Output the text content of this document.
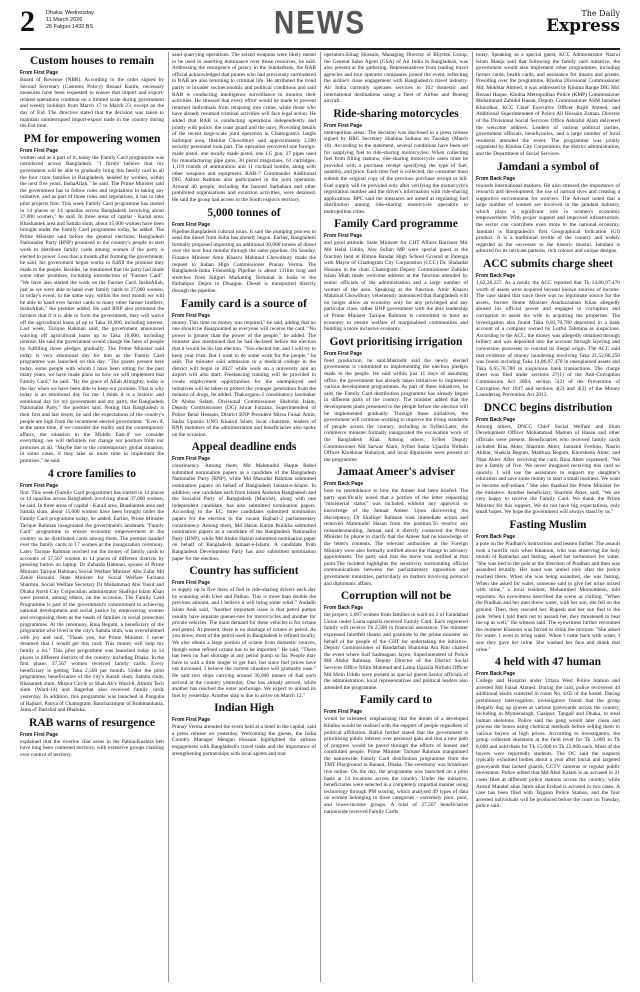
2 Dhaka, Wednesday
11 March 2026
26 Falgun 1432 BS	NEWS	The Daily
Express
Custom houses to remain
From First Page
Board of Revenue (NBR). According to the order signed by Second Secretary (Customs Policy) Rezaul Karim, necessary measures have been requested to ensure that import and export-related operations continue on a limited scale during government and weekly holidays from March 17 to March 23, except on the day of Eid. The directive stated that the decision was taken to maintain uninterrupted import-export trade in the country during the Eid time.
PM for empowering women
From First Page
women and as a part of it, today the Family Card programme was introduced across Bangladesh. "I firmly believe that my government will be able to gradually bring this family card to all the four crore families in Bangladesh, headed by women, within the next five years, InshaAllah," he said. The Prime Minister said the government has to follow rules and regulations in taking any initiative, and as part of those rules and regulations, it has to take pilot projects first. This week Family Card programme has started in 14 places or 14 upazilas across Bangladesh involving about 37,000 women," he said. In three areas of capital - Karail area, Bhashantek area and Sattala slum, about 15,000 women have been brought under the Family Card programme today, he added. The Prime Minister said before the general elections, Bangladesh Nationalist Party (BNP) promised to the country's people to start work to distribute family cards among women if the party is elected to power. Less than a month after forming the government, he said, his government began works to fulfill the promise they made to the people. Besides, he mentioned that his party had made some other promises, including introduction of "Farmer Card". "We have also started the work on the Farmer Card. InshaAllah, just as we were able to hand over family cards to 37,000 women, in today's event, in the same way, within the next month we will be able to hand over farmer cards to many other farmer brothers, InshaAllah," the premier added. He said BNP also promised the farmers that if it is able to form the government, they will waive off the agricultural loans of up to Taka 10,000, including interest. Last week, Tarique Rahman said, the government announced waiving off agricultural loans up to Taka 10,000, including interest. He said the government would change the fates of people by fulfilling those pledges gradually. The Prime Minister said today is very emotional day for him as the Family Card programme was launched on this day. "The guests present here today, some people with whom I have been sitting for the past many years, we have made plans on how we will implement that Family Card," he said. "By the grace of Allah Almighty, today is the day when we have been able to keep our promise. That is why today is an emotional day for me. I think it is a historic and emotional day for my government and my party, the Bangladesh Nationalist Party," the premier said. Noting that Bangladesh is their first and last resort, he said the expectations of the country's people are high from the incumbent elected government. "Even if, at the same time, if we consider the reality and the contemporary affairs, the situation in the Middle East-if we consider everything...we will definitely not change our position from our promises at all. "Maybe due to the contemporary global situation, in some cases, it may take us more time to implement the promises," he said.
4 crore families to
From First Page
first. This week (Family Card programme) has started in 14 places or 14 upazilas across Bangladesh involving about 37,000 women, he said. In three areas of capital - Karail area, Bhashantek area and Sattala slum, about 15,000 women have been brought under the Family Card programme today, he added. Earlier, Prime Minister Tarique Rahman inaugurated the government's landmark "Family Card" programme to ensure economic empowerment in the country as he distributed cards among them. The premier handed over the family cards to 17 women at the inauguration ceremony. Later, Tarique Rahman reached out the money of family cards to accounts of 37,567 women in 14 places of different districts by pressing button on laptop. Dr Zubaida Rahman, spouse of Prime Minister Tarique Rahman; Social Welfare Minister Abu Zafar Md Zahid Hossain, State Minister for Social Welfare Farzana Sharmin, Social Welfare Secretary Dr Mohammad Abu Yusuf and Dhaka North City Corporation administrator Shafiqul Islam Khan were present, among others, on the occasion. The Family Card Programme is part of the government's commitment to achieving national development and social justice by empowering women and recognising them as the heads of families in social protection programmes. At the ceremony, Rina Begum, a beneficiary of the programme who lived in the city's Sattala slum, was overwhelmed with joy and said, "Thank you, the Prime Minister. I never dreamed that I would get this card. This money will help my family a lot." This pilot programme was launched today in 14 places in different districts of the country, including Dhaka. In the first phase, 37,567 women received family cards. Every beneficiary is getting Taka 2,500 per month. Under the pilot programme, beneficiaries of the city's Karail slum, Sattala slum, Bhasantek slum, Mirpur Circle or Shah Ali's Ward-8, Almmi Tech slum (Ward-14) and Bagerhat also received family cards yesterday. In addition, this programme was launched in Panguha of Rajbari, Patiya of Chattogram, Bancharampur of Brahmanbaria, Jama of Barishal and Bhaluka.
RAB warns of resurgence
From First Page
explained that the riverine char areas in the Pabna-Kushtia belt have long been contested territory, with extensive groups clashing over control of territory.
sand quarrying operations. The seized weapons were likely meant to be used in asserting dominance over those resources, he said. Addressing the resurgence of piracy in the Sundarbans, the RAB official acknowledged that pirates who had previously surrendered to RAB are also returning to criminal life. He attributed the trend partly to broader socioeconomic and political conditions and said RAB is conducting intelligence surveillance to monitor their activities. He stressed that every effort would be made to prevent returned individuals from relapsing into crime, while those who have already resumed criminal activities will face legal action. He added that RAB is conducting operations independently and jointly with police, the coast guard and the navy. Providing details of the recent large-scale joint operation in Chattogram's Jangle Salimpur area, Iftekhar Chowdhury said approximately 3,500 security personnel took part. The operation recovered one foreign-made pistol, one locally made pistol, one LG gun, 27 pipes used for manufacturing pipe guns, 30 pistol magazines, 61 cartridges, 1,119 rounds of ammunition and 11 cocktail bombs, along with other weapons and equipment. RAB-7 Commander Additional DIG Akhtar Rahman also participated in the joint operation. Around 40 people, including the banned Sarbahara and other prohibited organisations and extortion activities, were detained. He said the group had access to the South region's territory.
5,000 tonnes of
From First Page
Pipeline.Bangladesh cultural tours. It said the pumping process to send the diesel from India has already begun. Earlier, Bangladesh formally proposed importing an additional 30,000 tonnes of diesel over the next four months through the same pipeline. On Sunday, Finance Minister Amir Khasru Mahmud Chowdhury made the request to Indian High Commissioner Pranay Verma. The Bangladesh-India Friendship Pipeline is about 131km long and stretches from Siliguri Marketing Terminal in India to the Parbatipur Depot in Dinajpur. Diesel is transported directly through the pipeline.
Family card is a source of
From First Page
money. This time no money was required," he said, adding that no one should be disappointed as everyone will receive the card. "No power is greater than the power of the people," he added. The minister also mentioned that he had declared before the election that it would be his last election. "You elected me, and I will try to keep your trust. But I want to do some work for the people," he said. The minister said admission to a medical college in the district will begin in 2027 while work on a university and an airport will also start. Freelancing training will be provided to create employment opportunities for the unemployed and initiatives will be taken to protect the younger generation from the menace of drugs, he added. Thakurgaon-2 constituency lawmaker Dr Abdus Salam, Divisional Commissioner Shahidul Islam, Deputy Commissioner (DC) Ishrat Farzana, Superintendent of Police Belal Hossain, District BNP President Mirza Faisal Amin, Sadar Upazila UNO Khairul Islam, local chairmen, leaders of BNP, members of the administration and beneficiaries also spoke on the occasion.
Appeal deadline ends
From First Page
constituency. Among them, Md Mahmudul Haque Rubel submitted nomination papers as a candidate of the Bangladesh Nationalist Party (BNP), while Md Masudur Rahman submitted nomination papers on behalf of Bangladesh Jamaat-e-Islami. In addition, one candidate each from Islami Andolon Bangladesh and the Socialist Party of Bangladesh (Marxist), along with one independent candidate, has also submitted nomination papers. According to the EC, three candidates submitted nomination papers for the election to the vacant Rajbari-2 parliamentary constituency. Among them, Md Harun Karim Rulikha submitted nomination papers as a candidate of the Bangladesh Nationalist Party (BNP), while Md Abdur Hakim submitted nomination paper on behalf of Bangladesh Jamaat-e-Islami. A candidate from Bangladesh Development Party has also submitted nomination paper for the election.
Country has sufficient
From First Page
to supply up to five litres of fuel to ride-sharing drivers each day by scanning with Uber and Pathao. This is more than double the previous amount, and I believe it will bring some relief." Andalib Islam Anik said, "Another important issue is that petrol pumps usually have separate queues-one for motorcycles and another for private vehicles. The main demand for these vehicles is for octane and petrol. At present, there is no shortage of octane or petrol. As you know, most of the petrol used in Bangladesh is refined locally. We also obtain a large portion of octane from domestic sources, though some refined octane has to be imported." He said, "There has been no fuel shortage at any petrol pump so far. People may have to wait a little longer to get fuel, but since fuel prices have not increased, I believe the current situation will gradually ease." He said two ships carrying around 30,000 tonnes of fuel each arrived at the country yesterday. One has already arrived, while another has reached the outer anchorage. We expect to unload its fuel by yesterday. Another ship is due to arrive on March 12."
Indian High
From First Page
Pranay Verma attended the event held at a hotel in the capital, said a press release on yesterday. Welcoming the guests, the India Country Manager Mengan Hussain highlighted the airlines engagement with Bangladesh's travel trade and the importance of strengthening partnerships with local agents and tour
operators.Sohag Hossain, Managing Director of Rhythm Group, the General Sales Agent (GSA) of Air India in Bangladesh, was also present at the gathering. Representatives from leading travel agencies and tour operator companies joined the event, reflecting the airline's close engagement with Bangladesh's travel industry. Air India currently operates services to 102 domestic and international destinations using a fleet of Airbus and Boeing aircraft.
Ride-sharing motorcycles
From First Page
metropolitan areas. The decision was disclosed in a press release signed by BRC Secretary Shahina Sultana on Tuesday (March 10). According to the statement, several conditions have been set for supplying fuel to ride-sharing motorcycles: When collecting fuel from filling stations, ride-sharing motorcycle users must be provided with a purchase receipt specifying the type of fuel, quantity, and price. Each time fuel is collected, the consumer must submit the original copy of the previous purchase receipt or bill. Fuel supply will be provided only after verifying the motorcycle's registration number and the driver's information with ride-sharing applications. BPC said the measures are aimed at regulating fuel distribution among ride-sharing motorcycle operators in metropolitan cities.
Family Card programme
From First Page
and good attitude. State Minister for CHT Affairs Barrister Mir Md Helal Uddin, Abu Sufian MP were special guest at the function held at Bimon Bandar High School Ground at Patenga with Mayor of Chattogram City Corporation (CCC) Dr. Shahadat Hossain in the chair. Chattogram Deputy Commissioner Zahidul Islam Miah made welcome address at the function attended by senior officials of the administration and a large number of women of the area. Speaking at the function, Amir Khasru Mahmud Chowdhury vehemently announced that Bangladesh will no longer allow an economy only for any privileged and any particular class, rather BNP government with the able leadership of Prime Minister Tarique Rahman is committed to have an economy to ensure welfare of marginalised communities and building a more inclusive economy.
Govt prioritising irrigation
From First Page
food production, he said.Muktadir said the newly elected government is committed to implementing the election pledges made to the people. He said within just 11 days of assuming office, the government has already taken initiatives to implement various development programmes. As part of these initiatives, he said, the Family Card distribution programme has already begun in different parts of the country. The minister added that the development plans presented to the people before the election will be implemented gradually. Through these initiatives, the government will continue working to improve the living standards of people across the country, including in Sylhet.Later, the commerce minister formally inaugurated the excavation work of the Bangladesh Khal. Among others, Sylhet Deputy Commissioner Md Sarwar Alam, Sylhet Sadar Upazila Nirbahi Officer Khodonar Rubaiyat, and local dignitaries were present at the programme.
Jamaat Ameer's adviser
From Back Page
bore no resemblance to how the Ameer had been briefed. The party specifically noted that a portion of the letter requesting "ministerial status" was included without any approval or knowledge of the Jamaat Ameer. Upon discovering the discrepancy, Dr Shafiqur Rahman took immediate action and removed Mahmudul Hasan from the position.To resolve any misunderstanding, Jamaat said it directly contacted the Prime Minister by phone to clarify that the Ameer had no knowledge of the letter's contents. The relevant authorities at the Foreign Ministry were also formally notified about the change in advisory appointment. The party said that the move was notified at that point.The incident highlights the sensitivity surrounding official communications between the parliamentary opposition and government ministries, particularly on matters involving protocol and diplomatic affairs.
Corruption will not be
From Back Page
the project, 1,097 women from families in ward no 2 of Faradabad Union under Lama upazila received Family Card. Each registered family will receive Tk 2,500 in financial assistance. The minister expressed heartfelt thanks and gratitude to the prime minister on behalf of the people of the CHT for undertaking the initiative. Deputy Commissioner of Bandarban Shamima Ara Rini chaired the event where Saif Sadmagani Jayen, Superintendent of Police Md Abdur Rahman, Deputy Director of the District Social Services Office Nilim Mahmud and Lama Upazila Nirbahi Officer Md Moin Uddin were present as special guests.Senior officials of the administration, local representatives and political leaders also attended the programme.
Family card to
From First Page
would be tolerated, emphasising that the dream of a developed Khulna would be realised with the support of people regardless of political affiliation. Rafiul further stated that the government is prioritising public interest over personal gain and that a new path of progress would be paved through the efforts of honest and committed people. Prime Minister Tarique Rahman inaugurated the nationwide Family Card distribution programme from the TMT Playground in Banani, Dhaka. The ceremony was broadcast live online. On the day, the programme was launched on a pilot basis at 14 locations across the country. Under the initiative, beneficiaries were selected in a completely impartial manner using technology through PM scoring, which analysed 49 types of data on women belonging to three categories - extremely poor, poor, and lower-income groups. A total of 37,567 beneficiaries nationwide received Family Cards
today. Speaking as a special guest, KCC Administrator Nazrul Islam Manju said that following the family card initiative, the government would also implement other programmes, including farmer cards, health cards, and assistance for imams and priests. Presiding over the programme, Khulna Divisional Commissioner Md. Mokhtar Ahmed, it was addressed by Khulna Range DIG Md. Rezaul Haque, Khulna Metropolitan Police (KMP) Commissioner Mohammad Zahidul Hasan, Deputy Commissioner ASM Jamshed Khondkar, KCC Chief Executive Officer Rajib Ahmed, and Additional Superintendent of Police Ali Hossain Zaman. Director of the Divisional Social Services Office Ashraful Alam delivered the welcome address. Leaders of various political parties, government officials, beneficiaries, and a large number of local residents attended the event. The programme was jointly organised by Khulna City Corporation, the district administration, and the Department of Social Services.
Jamdani a symbol of
From Back Page
towards international markets. He also stressed the importance of research and development, the use of natural dyes and creating a supportive environment for weavers. The Adviser noted that a large number of women are involved in the jamdani industry, which plays a significant role in women's economic empowerment. With proper support and improved infrastructure, the sector can contribute even more to the national economy. Jamdani is Bangladesh's first Geographical Indication (GI) product. It is a traditional textile of the country and widely regarded as the successor to the historic muslin. Jamdani is admired for its intricate patterns, rich colours and unique designs.
ACC submits charge sheet
From Back Page
1,62,28,227. As a result, the ACC reported that Tk 14,86,97,470 worth of assets were acquired beyond known sources of income. The case stated that since there was no legitimate source for the assets, former Home Minister Asaduzzaman Khan allegedly abused his official power and engaged in corruption and corruption to assist his wife in acquiring the properties. The investigation also found Taka 6,83,70,780 deposited in a bank account of a company owned by Lutful Tahmina as suspicious. According to the ACC, the money was allegedly obtained through bribery and was deposited into the account through layering and conversion processes to conceal its illegal origin. The ACC said that evidence of money laundering involving Taka 21,52,68,250 was found including Taka 14,86,97,470 in unexplained assets and Taka 6,65,70,780 in suspicious bank transactions. The charge sheet was filed under sections 27(1) of the Anti-Corruption Commission Act 2004, section 5(2) of the Prevention of Corruption Act 1947 and sections 4(2) and 4(3) of the Money Laundering Prevention Act 2012.
DNCC begins distribution
From Back Page
Among others, DNCC Chief Social Welfare and Slum Development Officer Mohammad Mamun ul Hasan and other officials were present. Beneficiaries who received family cards included Rina Akter, Sharmin Akter, Jannatul Ferdous, Nasrin Akhtar, Shakila Begum, Mahfuza Begum, Khorsheda Akter, and Nipa Akter. After receiving the card, Rina Akter expressed, "We are a family of five. We never imagined receiving this card so quickly. I will use the assistance to support my daughter's education and save some money to start a small business. We want to become self-reliant." She also thanked the Prime Minister for the initiative. Another beneficiary, Sharmin Akter, said, "We are very happy to receive the Family Card. We thank the Prime Minister for this support. We do not have big expectations, only small hopes. We hope the government will always stand by us."
Fasting Muslim
From Back Page
a pole on the Pradhan's instructions and beaten further. The assault took a horrific turn when Khatoon, who was observing the holy month of Ramadan and fasting, asked her tormentors for water. "She was tied to the pole at the direction of Pradhan and then was assaulted brutally. Her hand was untied only after the police reached there. When she was being assaulted, she was fasting. When she asked for water, someone said to give her urine mixed with urine," a local resident, Mohammed Moinuddeen, told reporters. An eyewitness described the scene as chilling. "When the Pradhan and her men threw water, with her son, she fell on the ground. Then, they rescued her. Rupesh and her son fled to the pole. When I told them not to assault her, they threatened to beat me up as well," the witness said. The eyewitness further recounted the moment Khatoon was forced to drink the mixture. "She asked for water. I went to bring water. When I came back with water, I saw they gave her urine. She washed her face and drank that urine."
4 held with 47 human
From Back Page
College and Hospital under Uttara West Police Station and arrested Md Faisal Ahmed. During the raid, police recovered 44 additional skulls scattered in room No. 4/02 of the hostel. During preliminary interrogation, investigators found that the group illegally dug up graves at various graveyards across the country, including in Mymensingh, Gazipur, Tangail and Dhaka, to steal human skeletons. Police said the gang would later clean and process the bones using chemical methods before selling them to various buyers at high prices. According to investigators, the group collected skeletons at the field level for Tk 3,000 to Tk 8,000 and sold them for Tk 15,000 to Tk 22,000 each. Most of the buyers were reportedly students. The OC said the suspects typically exhumed bodies about a year after burial and targeted graveyards that lacked guards, CCTV cameras or regular public movement. Police added that Md Abul Kalam is an accused in 21 cases filed at different police stations across the country, while Anisul Mandol alias Jamir alias Ershad is accused in two cases. A case has been filed with Tejgaon Police Station, and the four arrested individuals will be produced before the court on Tuesday, police said.
